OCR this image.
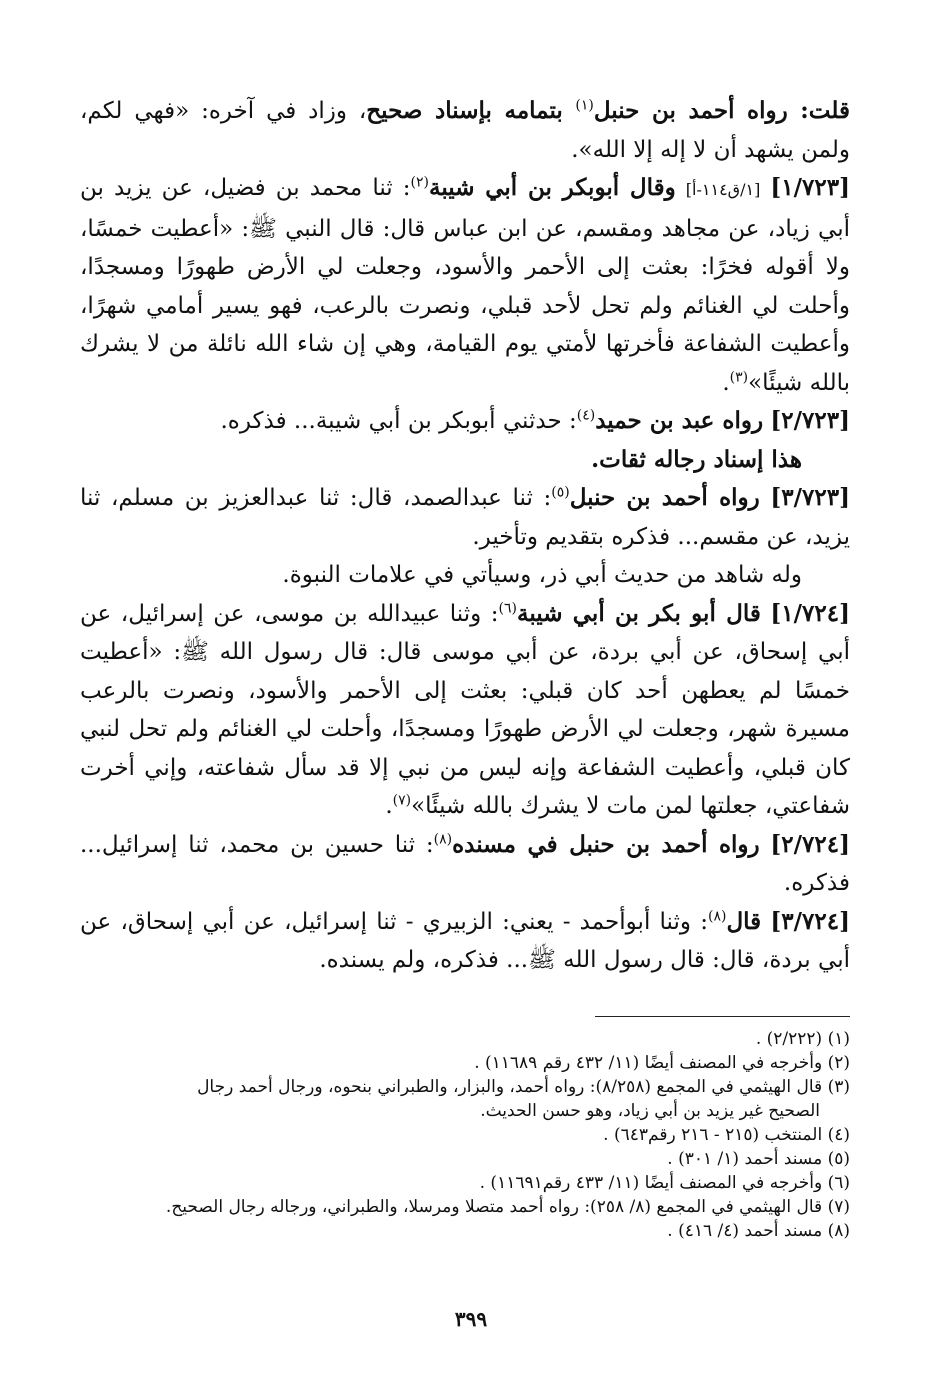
قلت: رواه أحمد بن حنبل$^{(١)}$ بتمامه بإسناد صحيح، وزاد في آخره: «فهي لكم، ولمن يشهد أن لا إله إلا الله».

[١/٧٢٣] [١/ق١١٤-أ] وقال أبوبكر بن أبي شيبة$^{(٢)}$: ثنا محمد بن فضيل، عن يزيد بن أبي زياد، عن مجاهد ومقسم، عن ابن عباس قال: قال النبي ﷺ: «أعطيت خمسًا، ولا أقوله فخرًا: بعثت إلى الأحمر والأسود، وجعلت لي الأرض طهورًا ومسجدًا، وأحلت لي الغنائم ولم تحل لأحد قبلي، ونصرت بالرعب، فهو يسير أمامي شهرًا، وأعطيت الشفاعة فأخرتها لأمتي يوم القيامة، وهي إن شاء الله نائلة من لا يشرك بالله شيئًا»$^{(٣)}$.

[٢/٧٢٣] رواه عبد بن حميد$^{(٤)}$: حدثني أبوبكر بن أبي شيبة... فذكره.

هذا إسناد رجاله ثقات.

[٣/٧٢٣] رواه أحمد بن حنبل$^{(٥)}$: ثنا عبدالصمد، قال: ثنا عبدالعزيز بن مسلم، ثنا يزيد، عن مقسم... فذكره بتقديم وتأخير.

وله شاهد من حديث أبي ذر، وسيأتي في علامات النبوة.

[١/٧٢٤] قال أبو بكر بن أبي شيبة$^{(٦)}$: وثنا عبيدالله بن موسى، عن إسرائيل، عن أبي إسحاق، عن أبي بردة، عن أبي موسى قال: قال رسول الله ﷺ: «أعطيت خمسًا لم يعطهن أحد كان قبلي: بعثت إلى الأحمر والأسود، ونصرت بالرعب مسيرة شهر، وجعلت لي الأرض طهورًا ومسجدًا، وأحلت لي الغنائم ولم تحل لنبي كان قبلي، وأعطيت الشفاعة وإنه ليس من نبي إلا قد سأل شفاعته، وإني أخرت شفاعتي، جعلتها لمن مات لا يشرك بالله شيئًا»$^{(٧)}$.

[٢/٧٢٤] رواه أحمد بن حنبل في مسنده$^{(٨)}$: ثنا حسين بن محمد، ثنا إسرائيل... فذكره.

[٣/٧٢٤] قال$^{(٨)}$: وثنا أبوأحمد - يعني: الزبيري - ثنا إسرائيل، عن أبي إسحاق، عن أبي بردة، قال: قال رسول الله ﷺ... فذكره، ولم يسنده.

(١) (٢/٢٢٢) .

(٢) وأخرجه في المصنف أيضًا (١١/ ٤٣٢ رقم ١١٦٨٩) .

(٣) قال الهيثمي في المجمع (٨/٢٥٨): رواه أحمد، والبزار، والطبراني بنحوه، ورجال أحمد رجال

الصحيح غير يزيد بن أبي زياد، وهو حسن الحديث.

(٤) المنتخب (٢١٥ - ٢١٦ رقم٦٤٣) .

(٥) مسند أحمد (١/ ٣٠١) .

(٦) وأخرجه في المصنف أيضًا (١١/ ٤٣٣ رقم١١٦٩١) .

(٧) قال الهيثمي في المجمع (٨/ ٢٥٨): رواه أحمد متصلا ومرسلا، والطبراني، ورجاله رجال الصحيح.

(٨) مسند أحمد (٤/ ٤١٦) .

٣٩٩
